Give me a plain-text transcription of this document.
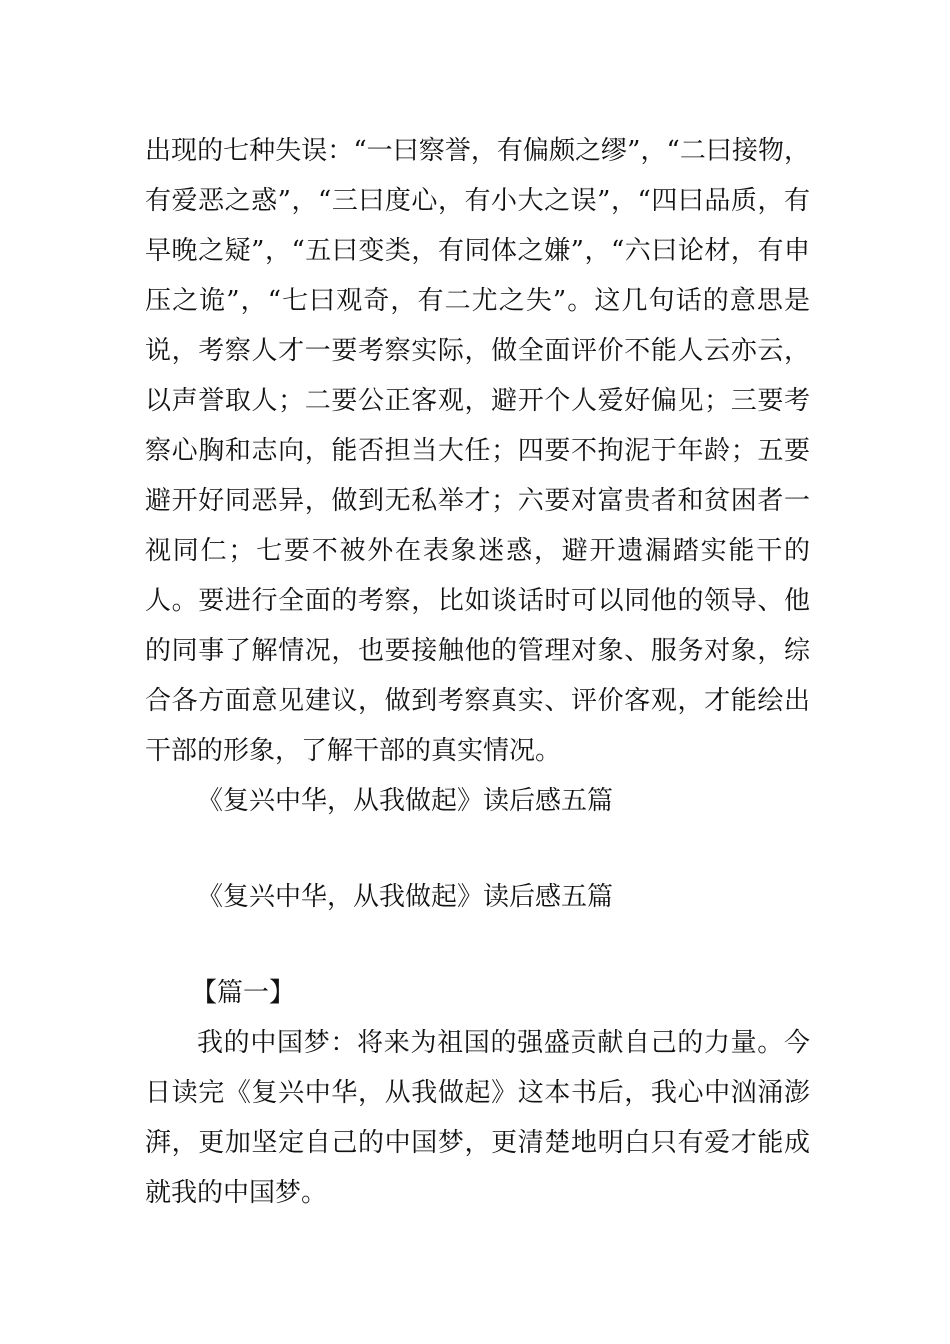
出现的七种失误：“一曰察誉，有偏颇之缪”，“二曰接物，有爱恶之惑”，“三曰度心，有小大之误”，“四曰品质，有早晚之疑”，“五曰变类，有同体之嫌”，“六曰论材，有申压之诡”，“七曰观奇，有二尤之失”。这几句话的意思是说，考察人才一要考察实际，做全面评价不能人云亦云，以声誉取人；二要公正客观，避开个人爱好偏见；三要考察心胸和志向，能否担当大任；四要不拘泥于年龄；五要避开好同恶异，做到无私举才；六要对富贵者和贫困者一视同仁；七要不被外在表象迷惑，避开遗漏踏实能干的人。要进行全面的考察，比如谈话时可以同他的领导、他的同事了解情况，也要接触他的管理对象、服务对象，综合各方面意见建议，做到考察真实、评价客观，才能绘出干部的形象，了解干部的真实情况。

《复兴中华，从我做起》读后感五篇

《复兴中华，从我做起》读后感五篇

【篇一】

我的中国梦：将来为祖国的强盛贡献自己的力量。今日读完《复兴中华，从我做起》这本书后，我心中汹涌澎湃，更加坚定自己的中国梦，更清楚地明白只有爱才能成就我的中国梦。
